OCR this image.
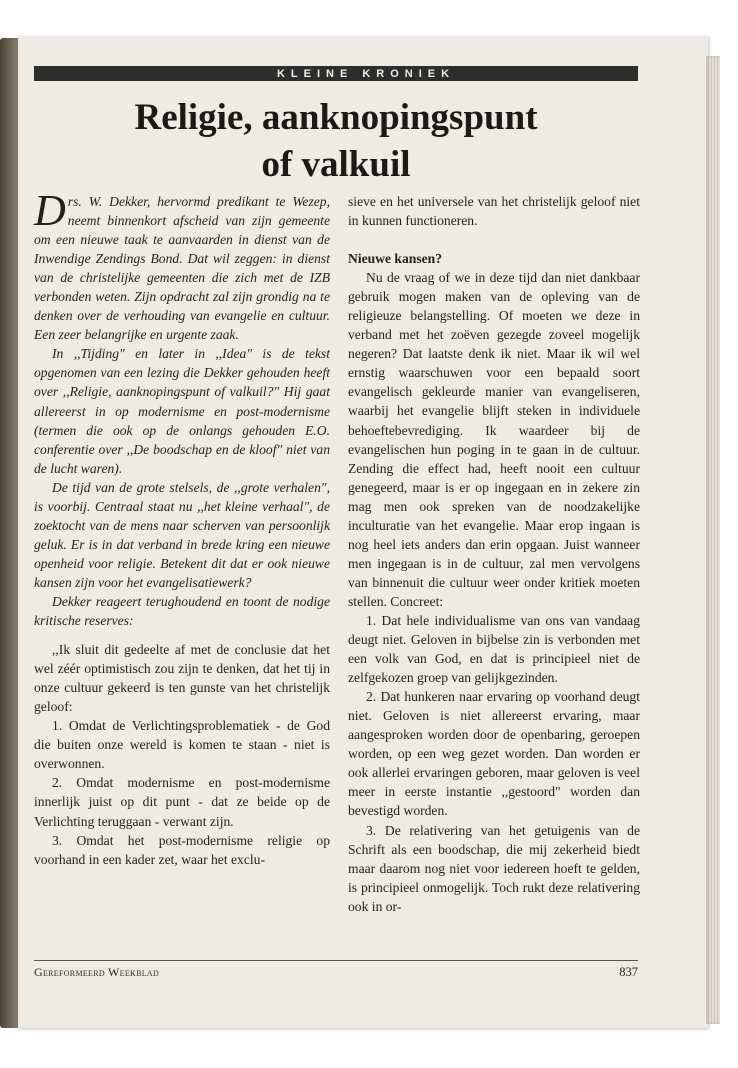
KLEINE KRONIEK
Religie, aanknopingspunt
of valkuil

Drs. W. Dekker, hervormd predikant te Wezep, neemt binnenkort afscheid van zijn gemeente om een nieuwe taak te aanvaarden in dienst van de Inwendige Zendings Bond. Dat wil zeggen: in dienst van de christelijke gemeenten die zich met de IZB verbonden weten. Zijn opdracht zal zijn grondig na te denken over de verhouding van evangelie en cultuur. Een zeer belangrijke en urgente zaak.

In ,,Tijding" en later in ,,Idea" is de tekst opgenomen van een lezing die Dekker gehouden heeft over ,,Religie, aanknopingspunt of valkuil?" Hij gaat allereerst in op modernisme en post-modernisme (termen die ook op de onlangs gehouden E.O. conferentie over ,,De boodschap en de kloof" niet van de lucht waren).

De tijd van de grote stelsels, de ,,grote verhalen", is voorbij. Centraal staat nu ,,het kleine verhaal", de zoektocht van de mens naar scherven van persoonlijk geluk. Er is in dat verband in brede kring een nieuwe openheid voor religie. Betekent dit dat er ook nieuwe kansen zijn voor het evangelisatiewerk?

Dekker reageert terughoudend en toont de nodige kritische reserves:

,,Ik sluit dit gedeelte af met de conclusie dat het wel zéér optimistisch zou zijn te denken, dat het tij in onze cultuur gekeerd is ten gunste van het christelijk geloof:

1. Omdat de Verlichtingsproblematiek - de God die buiten onze wereld is komen te staan - niet is overwonnen.

2. Omdat modernisme en post-modernisme innerlijk juist op dit punt - dat ze beide op de Verlichting teruggaan - verwant zijn.

3. Omdat het post-modernisme religie op voorhand in een kader zet, waar het exclu-

sieve en het universele van het christelijk geloof niet in kunnen functioneren.

Nieuwe kansen?

Nu de vraag of we in deze tijd dan niet dankbaar gebruik mogen maken van de opleving van de religieuze belangstelling. Of moeten we deze in verband met het zoëven gezegde zoveel mogelijk negeren? Dat laatste denk ik niet. Maar ik wil wel ernstig waarschuwen voor een bepaald soort evangelisch gekleurde manier van evangeliseren, waarbij het evangelie blijft steken in individuele behoeftebevrediging. Ik waardeer bij de evangelischen hun poging in te gaan in de cultuur. Zending die effect had, heeft nooit een cultuur genegeerd, maar is er op ingegaan en in zekere zin mag men ook spreken van de noodzakelijke inculturatie van het evangelie. Maar erop ingaan is nog heel iets anders dan erin opgaan. Juist wanneer men ingegaan is in de cultuur, zal men vervolgens van binnenuit die cultuur weer onder kritiek moeten stellen. Concreet:

1. Dat hele individualisme van ons van vandaag deugt niet. Geloven in bijbelse zin is verbonden met een volk van God, en dat is principieel niet de zelfgekozen groep van gelijkgezinden.

2. Dat hunkeren naar ervaring op voorhand deugt niet. Geloven is niet allereerst ervaring, maar aangesproken worden door de openbaring, geroepen worden, op een weg gezet worden. Dan worden er ook allerlei ervaringen geboren, maar geloven is veel meer in eerste instantie ,,gestoord" worden dan bevestigd worden.

3. De relativering van het getuigenis van de Schrift als een boodschap, die mij zekerheid biedt maar daarom nog niet voor iedereen hoeft te gelden, is principieel onmogelijk. Toch rukt deze relativering ook in or-

Gereformeerd Weekblad	837
